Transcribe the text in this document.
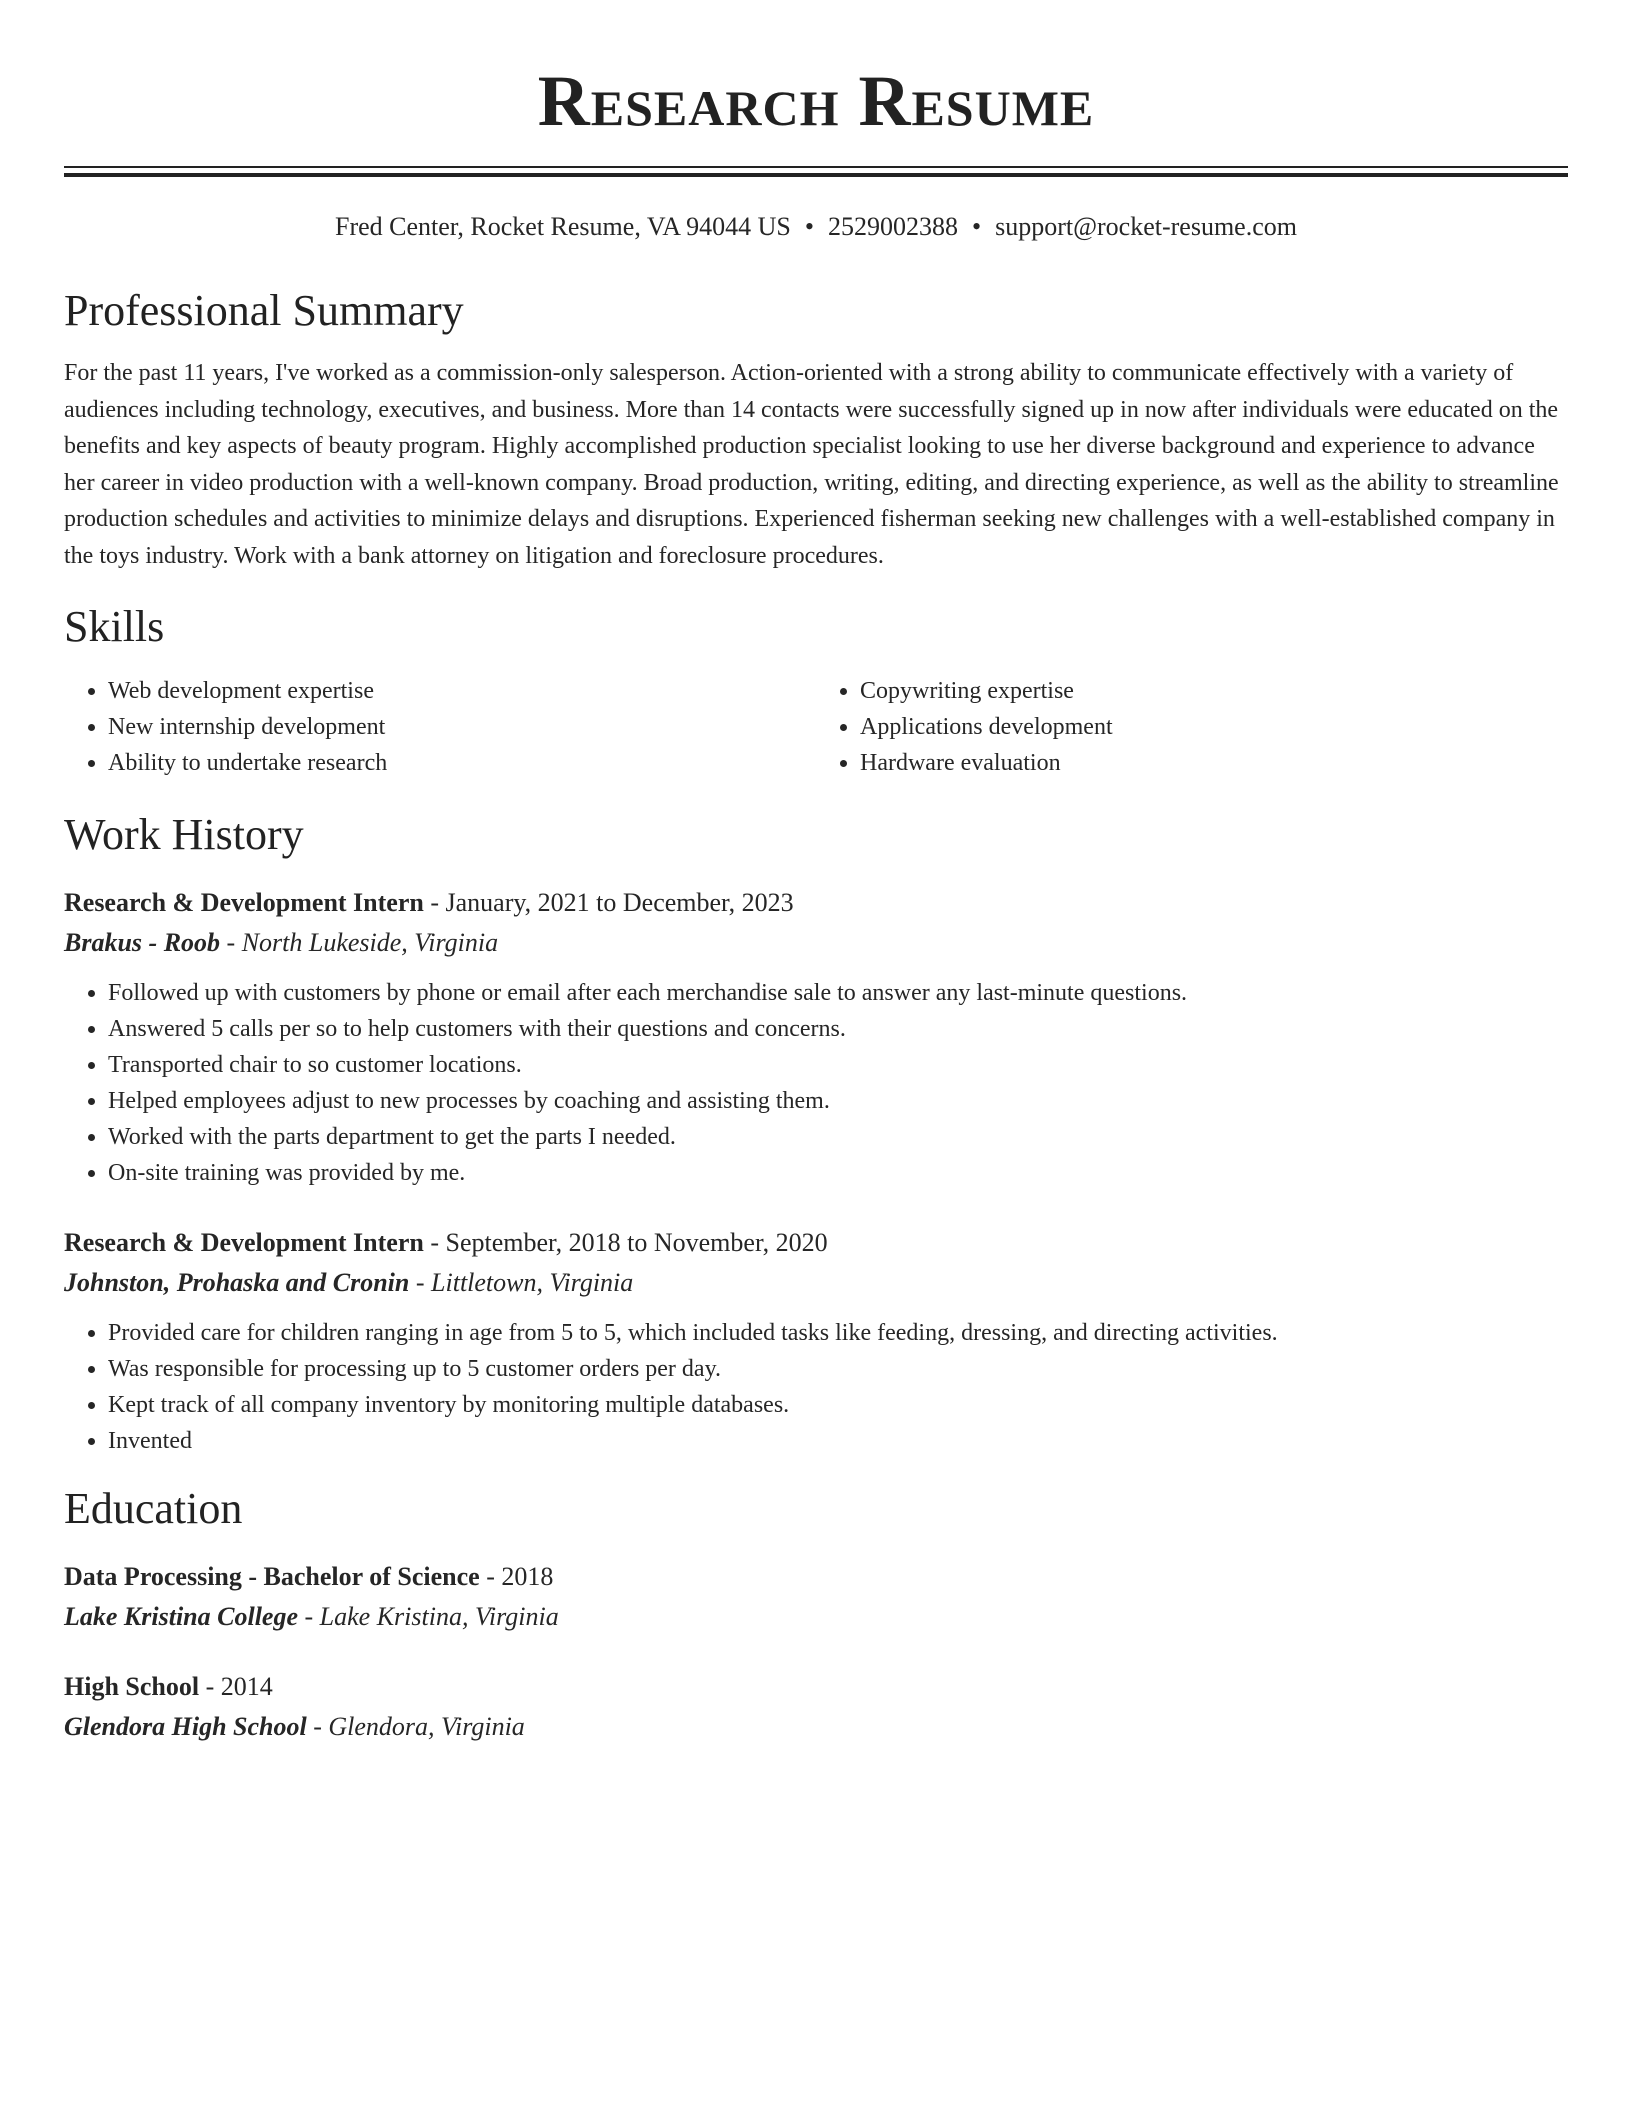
Research Resume
Fred Center, Rocket Resume, VA 94044 US • 2529002388 • support@rocket-resume.com
Professional Summary

For the past 11 years, I've worked as a commission-only salesperson. Action-oriented with a strong ability to communicate effectively with a variety of audiences including technology, executives, and business. More than 14 contacts were successfully signed up in now after individuals were educated on the benefits and key aspects of beauty program. Highly accomplished production specialist looking to use her diverse background and experience to advance her career in video production with a well-known company. Broad production, writing, editing, and directing experience, as well as the ability to streamline production schedules and activities to minimize delays and disruptions. Experienced fisherman seeking new challenges with a well-established company in the toys industry. Work with a bank attorney on litigation and foreclosure procedures.

Skills
• Web development expertise
• New internship development
• Ability to undertake research
• Copywriting expertise
• Applications development
• Hardware evaluation
Work History
Research & Development Intern - January, 2021 to December, 2023
Brakus - Roob - North Lukeside, Virginia
• Followed up with customers by phone or email after each merchandise sale to answer any last-minute questions.
• Answered 5 calls per so to help customers with their questions and concerns.
• Transported chair to so customer locations.
• Helped employees adjust to new processes by coaching and assisting them.
• Worked with the parts department to get the parts I needed.
• On-site training was provided by me.
Research & Development Intern - September, 2018 to November, 2020
Johnston, Prohaska and Cronin - Littletown, Virginia
• Provided care for children ranging in age from 5 to 5, which included tasks like feeding, dressing, and directing activities.
• Was responsible for processing up to 5 customer orders per day.
• Kept track of all company inventory by monitoring multiple databases.
• Invented
Education
Data Processing - Bachelor of Science - 2018
Lake Kristina College - Lake Kristina, Virginia
High School - 2014
Glendora High School - Glendora, Virginia
